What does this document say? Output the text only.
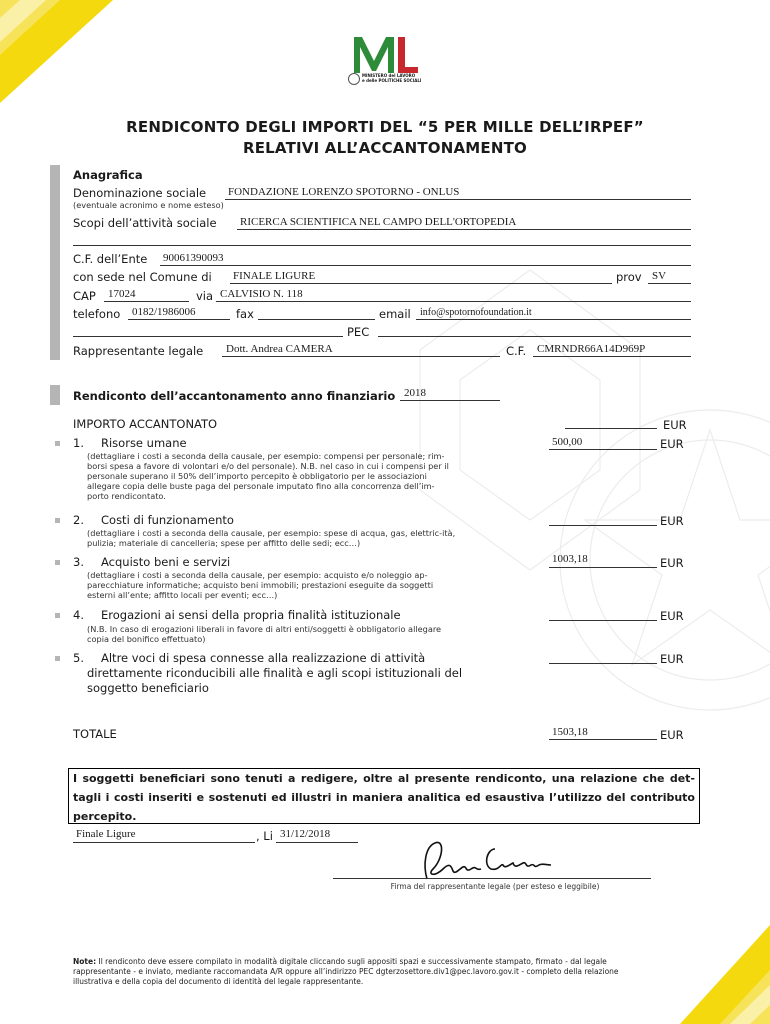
MINISTERO del LAVORO
e delle POLITICHE SOCIALI
RENDICONTO DEGLI IMPORTI DEL “5 PER MILLE DELL’IRPEF”
RELATIVI ALL’ACCANTONAMENTO
Anagrafica
Denominazione sociale FONDAZIONE LORENZO SPOTORNO - ONLUS
(eventuale acronimo e nome esteso)
Scopi dell’attività sociale RICERCA SCIENTIFICA NEL CAMPO DELL'ORTOPEDIA
C.F. dell’Ente 90061390093
con sede nel Comune di FINALE LIGURE	prov SV
CAP 17024	via CALVISIO N. 118
telefono 0182/1986006	fax	email info@spotornofoundation.it
PEC
Rappresentante legale Dott. Andrea CAMERA	C.F. CMRNDR66A14D969P
Rendiconto dell’accantonamento anno finanziario 2018
IMPORTO ACCANTONATO	EUR
1. Risorse umane	500,00	EUR
(dettagliare i costi a seconda della causale, per esempio: compensi per personale; rim-
borsi spesa a favore di volontari e/o del personale). N.B. nel caso in cui i compensi per il
personale superano il 50% dell’importo percepito è obbligatorio per le associazioni
allegare copia delle buste paga del personale imputato fino alla concorrenza dell’im-
porto rendicontato.
2. Costi di funzionamento	EUR
(dettagliare i costi a seconda della causale, per esempio: spese di acqua, gas, elettric-ità,
pulizia; materiale di cancelleria; spese per affitto delle sedi; ecc…)
3. Acquisto beni e servizi	1003,18	EUR
(dettagliare i costi a seconda della causale, per esempio: acquisto e/o noleggio ap-
parecchiature informatiche; acquisto beni immobili; prestazioni eseguite da soggetti
esterni all’ente; affitto locali per eventi; ecc…)
4. Erogazioni ai sensi della propria finalità istituzionale	EUR
(N.B. In caso di erogazioni liberali in favore di altri enti/soggetti è obbligatorio allegare
copia del bonifico effettuato)
5. Altre voci di spesa connesse alla realizzazione di attività	EUR
direttamente riconducibili alle finalità e agli scopi istituzionali del
soggetto beneficiario
TOTALE	1503,18	EUR
I soggetti beneficiari sono tenuti a redigere, oltre al presente rendiconto, una relazione che det-tagli i costi inseriti e sostenuti ed illustri in maniera analitica ed esaustiva l’utilizzo del contributo percepito.
Finale Ligure	, Li 31/12/2018
Firma del rappresentante legale (per esteso e leggibile)
Note: Il rendiconto deve essere compilato in modalità digitale cliccando sugli appositi spazi e successivamente stampato, firmato - dal legale
rappresentante - e inviato, mediante raccomandata A/R oppure all’indirizzo PEC dgterzosettore.div1@pec.lavoro.gov.it - completo della relazione
illustrativa e della copia del documento di identità del legale rappresentante.
